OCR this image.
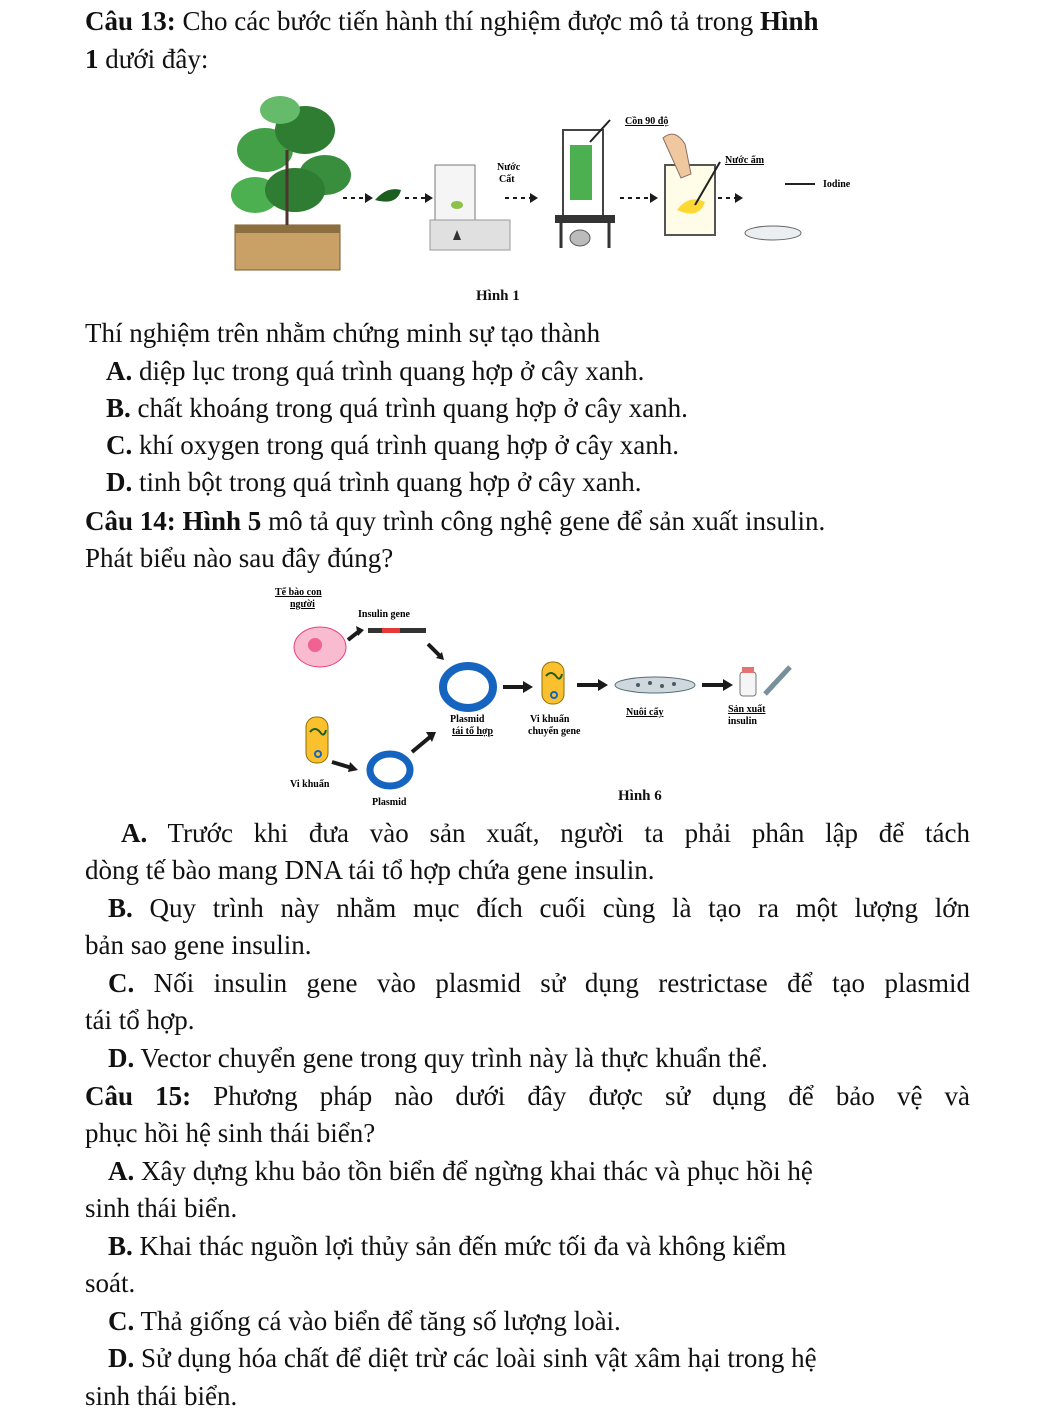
Câu 13: Cho các bước tiến hành thí nghiệm được mô tả trong Hình
1 dưới đây:
Nước
Cất
Cồn 90 độ
Nước ấm
Iodine
Hình 1
Thí nghiệm trên nhằm chứng minh sự tạo thành
A. diệp lục trong quá trình quang hợp ở cây xanh.
B. chất khoáng trong quá trình quang hợp ở cây xanh.
C. khí oxygen trong quá trình quang hợp ở cây xanh.
D. tinh bột trong quá trình quang hợp ở cây xanh.
Câu 14: Hình 5 mô tả quy trình công nghệ gene để sản xuất insulin.
Phát biểu nào sau đây đúng?
Tế bào con
người
Insulin gene
Plasmid
tái tổ hợp
Vi khuẩn
chuyển gene
Nuôi cấy	Sản xuất
insulin
Vi khuẩn
Plasmid	Hình 6
A. Trước khi đưa vào sản xuất, người ta phải phân lập để tách
dòng tế bào mang DNA tái tổ hợp chứa gene insulin.
B. Quy trình này nhằm mục đích cuối cùng là tạo ra một lượng lớn
bản sao gene insulin.
C. Nối insulin gene vào plasmid sử dụng restrictase để tạo plasmid
tái tổ hợp.
D. Vector chuyển gene trong quy trình này là thực khuẩn thể.
Câu 15: Phương pháp nào dưới đây được sử dụng để bảo vệ và
phục hồi hệ sinh thái biển?
A. Xây dựng khu bảo tồn biển để ngừng khai thác và phục hồi hệ
sinh thái biển.
B. Khai thác nguồn lợi thủy sản đến mức tối đa và không kiểm
soát.
C. Thả giống cá vào biển để tăng số lượng loài.
D. Sử dụng hóa chất để diệt trừ các loài sinh vật xâm hại trong hệ
sinh thái biển.
